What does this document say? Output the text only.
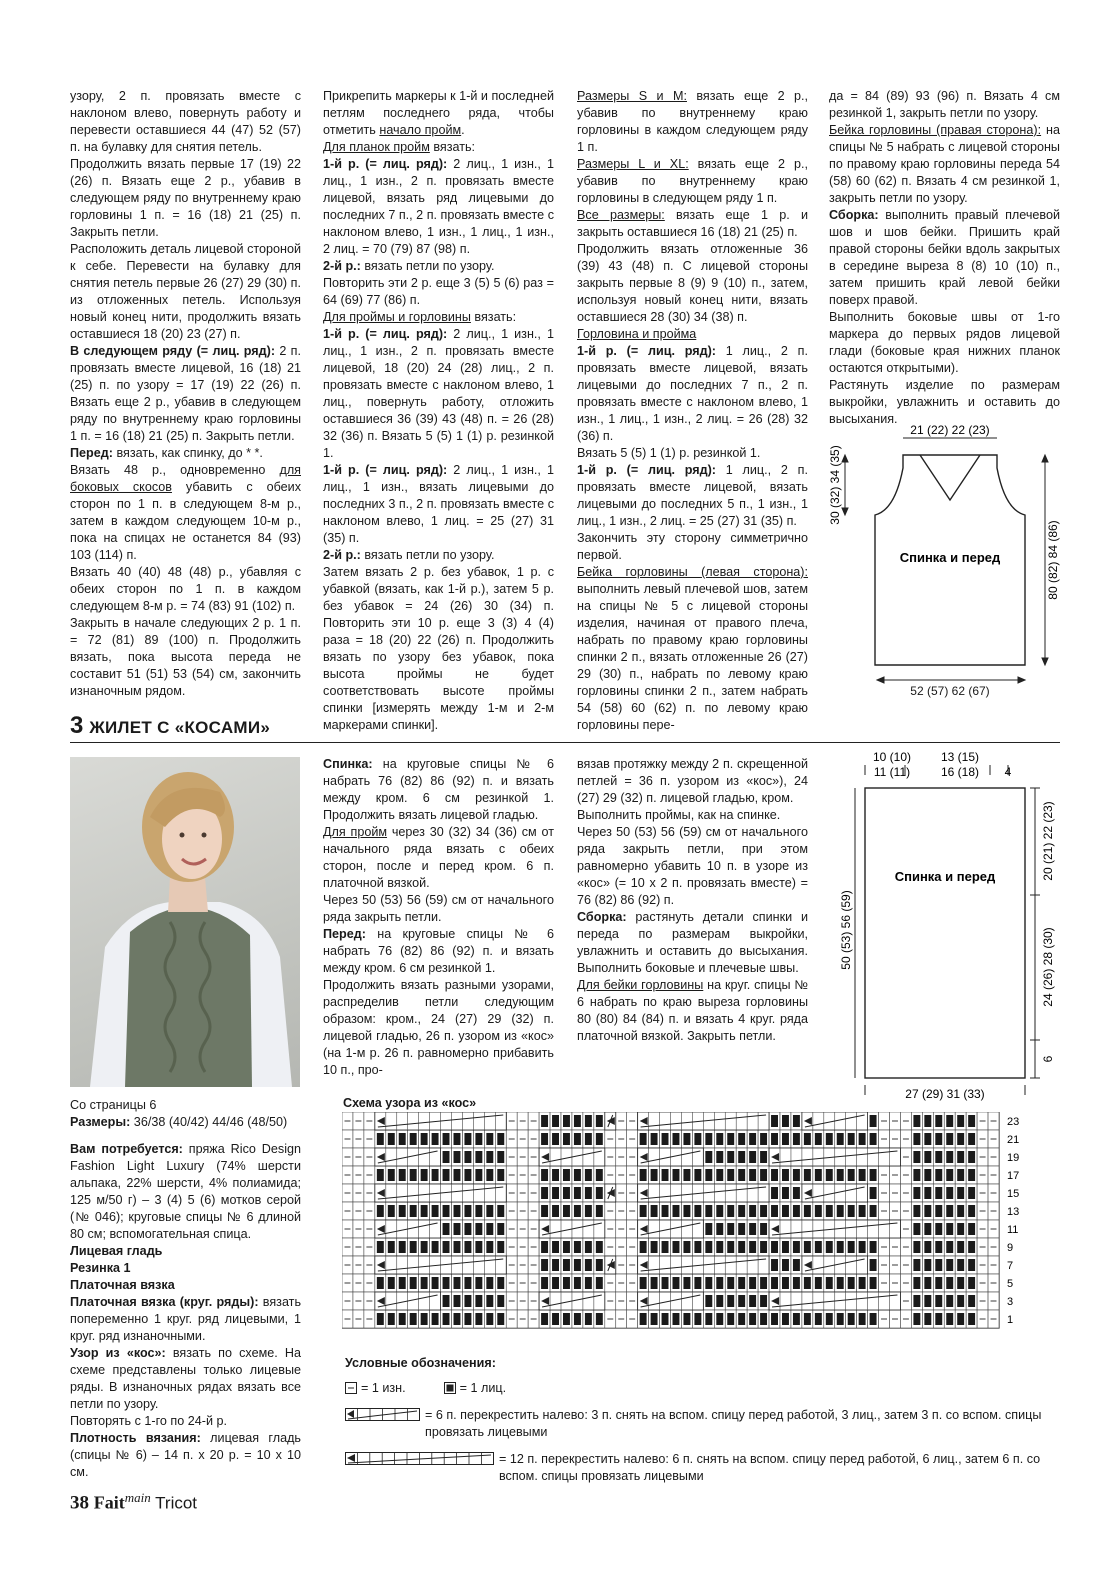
узору, 2 п. провязать вместе с наклоном влево, повернуть работу и перевести оставшиеся 44 (47) 52 (57) п. на булавку для снятия петель.

Продолжить вязать первые 17 (19) 22 (26) п. Вязать еще 2 р., убавив в следующем ряду по внутреннему краю горловины 1 п. = 16 (18) 21 (25) п. Закрыть петли.

Расположить деталь лицевой стороной к себе. Перевести на булавку для снятия петель первые 26 (27) 29 (30) п. из отложенных петель. Используя новый конец нити, продолжить вязать оставшиеся 18 (20) 23 (27) п.

В следующем ряду (= лиц. ряд): 2 п. провязать вместе лицевой, 16 (18) 21 (25) п. по узору = 17 (19) 22 (26) п. Вязать еще 2 р., убавив в следующем ряду по внутреннему краю горловины 1 п. = 16 (18) 21 (25) п. Закрыть петли.

Перед: вязать, как спинку, до * *.

Вязать 48 р., одновременно для боковых скосов убавить с обеих сторон по 1 п. в следующем 8-м р., затем в каждом следующем 10-м р., пока на спицах не останется 84 (93) 103 (114) п.

Вязать 40 (40) 48 (48) р., убавляя с обеих сторон по 1 п. в каждом следующем 8-м р. = 74 (83) 91 (102) п.

Закрыть в начале следующих 2 р. 1 п. = 72 (81) 89 (100) п. Продолжить вязать, пока высота переда не составит 51 (51) 53 (54) см, закончить изнаночным рядом.

Прикрепить маркеры к 1-й и последней петлям последнего ряда, чтобы отметить начало пройм.

Для планок пройм вязать:

1-й р. (= лиц. ряд): 2 лиц., 1 изн., 1 лиц., 1 изн., 2 п. провязать вместе лицевой, вязать ряд лицевыми до последних 7 п., 2 п. провязать вместе с наклоном влево, 1 изн., 1 лиц., 1 изн., 2 лиц. = 70 (79) 87 (98) п.

2-й р.: вязать петли по узору.

Повторить эти 2 р. еще 3 (5) 5 (6) раз = 64 (69) 77 (86) п.

Для проймы и горловины вязать:

1-й р. (= лиц. ряд): 2 лиц., 1 изн., 1 лиц., 1 изн., 2 п. провязать вместе лицевой, 18 (20) 24 (28) лиц., 2 п. провязать вместе с наклоном влево, 1 лиц., повернуть работу, отложить оставшиеся 36 (39) 43 (48) п. = 26 (28) 32 (36) п. Вязать 5 (5) 1 (1) р. резинкой 1.

1-й р. (= лиц. ряд): 2 лиц., 1 изн., 1 лиц., 1 изн., вязать лицевыми до последних 3 п., 2 п. провязать вместе с наклоном влево, 1 лиц. = 25 (27) 31 (35) п.

2-й р.: вязать петли по узору.

Затем вязать 2 р. без убавок, 1 р. с убавкой (вязать, как 1-й р.), затем 5 р. без убавок = 24 (26) 30 (34) п. Повторить эти 10 р. еще 3 (3) 4 (4) раза = 18 (20) 22 (26) п. Продолжить вязать по узору без убавок, пока высота проймы не будет соответствовать высоте проймы спинки [измерять между 1-м и 2-м маркерами спинки].

Размеры S и M: вязать еще 2 р., убавив по внутреннему краю горловины в каждом следующем ряду 1 п.

Размеры L и XL: вязать еще 2 р., убавив по внутреннему краю горловины в следующем ряду 1 п.

Все размеры: вязать еще 1 р. и закрыть оставшиеся 16 (18) 21 (25) п.

Продолжить вязать отложенные 36 (39) 43 (48) п. С лицевой стороны закрыть первые 8 (9) 9 (10) п., затем, используя новый конец нити, вязать оставшиеся 28 (30) 34 (38) п.

Горловина и пройма

1-й р. (= лиц. ряд): 1 лиц., 2 п. провязать вместе лицевой, вязать лицевыми до последних 7 п., 2 п. провязать вместе с наклоном влево, 1 изн., 1 лиц., 1 изн., 2 лиц. = 26 (28) 32 (36) п.

Вязать 5 (5) 1 (1) р. резинкой 1.

1-й р. (= лиц. ряд): 1 лиц., 2 п. провязать вместе лицевой, вязать лицевыми до последних 5 п., 1 изн., 1 лиц., 1 изн., 2 лиц. = 25 (27) 31 (35) п.

Закончить эту сторону симметрично первой.

Бейка горловины (левая сторона): выполнить левый плечевой шов, затем на спицы № 5 с лицевой стороны изделия, начиная от правого плеча, набрать по правому краю горловины спинки 2 п., вязать отложенные 26 (27) 29 (30) п., набрать по левому краю горловины спинки 2 п., затем набрать 54 (58) 60 (62) п. по левому краю горловины пере-

да = 84 (89) 93 (96) п. Вязать 4 см резинкой 1, закрыть петли по узору.

Бейка горловины (правая сторона): на спицы № 5 набрать с лицевой стороны по правому краю горловины переда 54 (58) 60 (62) п. Вязать 4 см резинкой 1, закрыть петли по узору.

Сборка: выполнить правый плечевой шов и шов бейки. Пришить край правой стороны бейки вдоль закрытых в середине выреза 8 (8) 10 (10) п., затем пришить край левой бейки поверх правой.

Выполнить боковые швы от 1-го маркера до первых рядов лицевой глади (боковые края нижних планок остаются открытыми).

Растянуть изделие по размерам выкройки, увлажнить и оставить до высыхания.

21 (22) 22 (23)
30 (32) 34 (35)
80 (82) 84 (86)
Спинка и перед
52 (57) 62 (67)
3 ЖИЛЕТ С «КОСАМИ»

Со страницы 6

Размеры: 36/38 (40/42) 44/46 (48/50)

Вам потребуется: пряжа Rico Design Fashion Light Luxury (74% шерсти альпака, 22% шерсти, 4% полиамида; 125 м/50 г) – 3 (4) 5 (6) мотков серой (№ 046); круговые спицы № 6 длиной 80 см; вспомогательная спица.

Лицевая гладь

Резинка 1

Платочная вязка

Платочная вязка (круг. ряды): вязать попеременно 1 круг. ряд лицевыми, 1 круг. ряд изнаночными.

Узор из «кос»: вязать по схеме. На схеме представлены только лицевые ряды. В изнаночных рядах вязать все петли по узору.

Повторять с 1-го по 24-й р.

Плотность вязания: лицевая гладь (спицы № 6) – 14 п. х 20 р. = 10 х 10 см.

Спинка: на круговые спицы № 6 набрать 76 (82) 86 (92) п. и вязать между кром. 6 см резинкой 1. Продолжить вязать лицевой гладью.

Для пройм через 30 (32) 34 (36) см от начального ряда вязать с обеих сторон, после и перед кром. 6 п. платочной вязкой.

Через 50 (53) 56 (59) см от начального ряда закрыть петли.

Перед: на круговые спицы № 6 набрать 76 (82) 86 (92) п. и вязать между кром. 6 см резинкой 1.

Продолжить вязать разными узорами, распределив петли следующим образом: кром., 24 (27) 29 (32) п. лицевой гладью, 26 п. узором из «кос» (на 1-м р. 26 п. равномерно прибавить 10 п., про-

вязав протяжку между 2 п. скрещенной петлей = 36 п. узором из «кос»), 24 (27) 29 (32) п. лицевой гладью, кром.

Выполнить проймы, как на спинке.

Через 50 (53) 56 (59) см от начального ряда закрыть петли, при этом равномерно убавить 10 п. в узоре из «кос» (= 10 х 2 п. провязать вместе) = 76 (82) 86 (92) п.

Сборка: растянуть детали спинки и переда по размерам выкройки, увлажнить и оставить до высыхания. Выполнить боковые и плечевые швы.

Для бейки горловины на круг. спицы № 6 набрать по краю выреза горловины 80 (80) 84 (84) п. и вязать 4 круг. ряда платочной вязкой. Закрыть петли.

10 (10)
11 (11)
13 (15)
16 (18) 4
Спинка и перед
50 (53) 56 (59)
20 (21) 22 (23)
24 (26) 28 (30)
6
27 (29) 31 (33)
Схема узора из «кос»
23
21
19
17
15
13
11
9
7
5
3
1
Условные обозначения:
= 1 изн.	= 1 лиц.
= 6 п. перекрестить налево: 3 п. снять на вспом. спицу перед работой, 3 лиц., затем 3 п. со вспом. спицы провязать лицевыми
= 12 п. перекрестить налево: 6 п. снять на вспом. спицу перед работой, 6 лиц., затем 6 п. со вспом. спицы провязать лицевыми
38 Fait$^{main}$ Tricot
